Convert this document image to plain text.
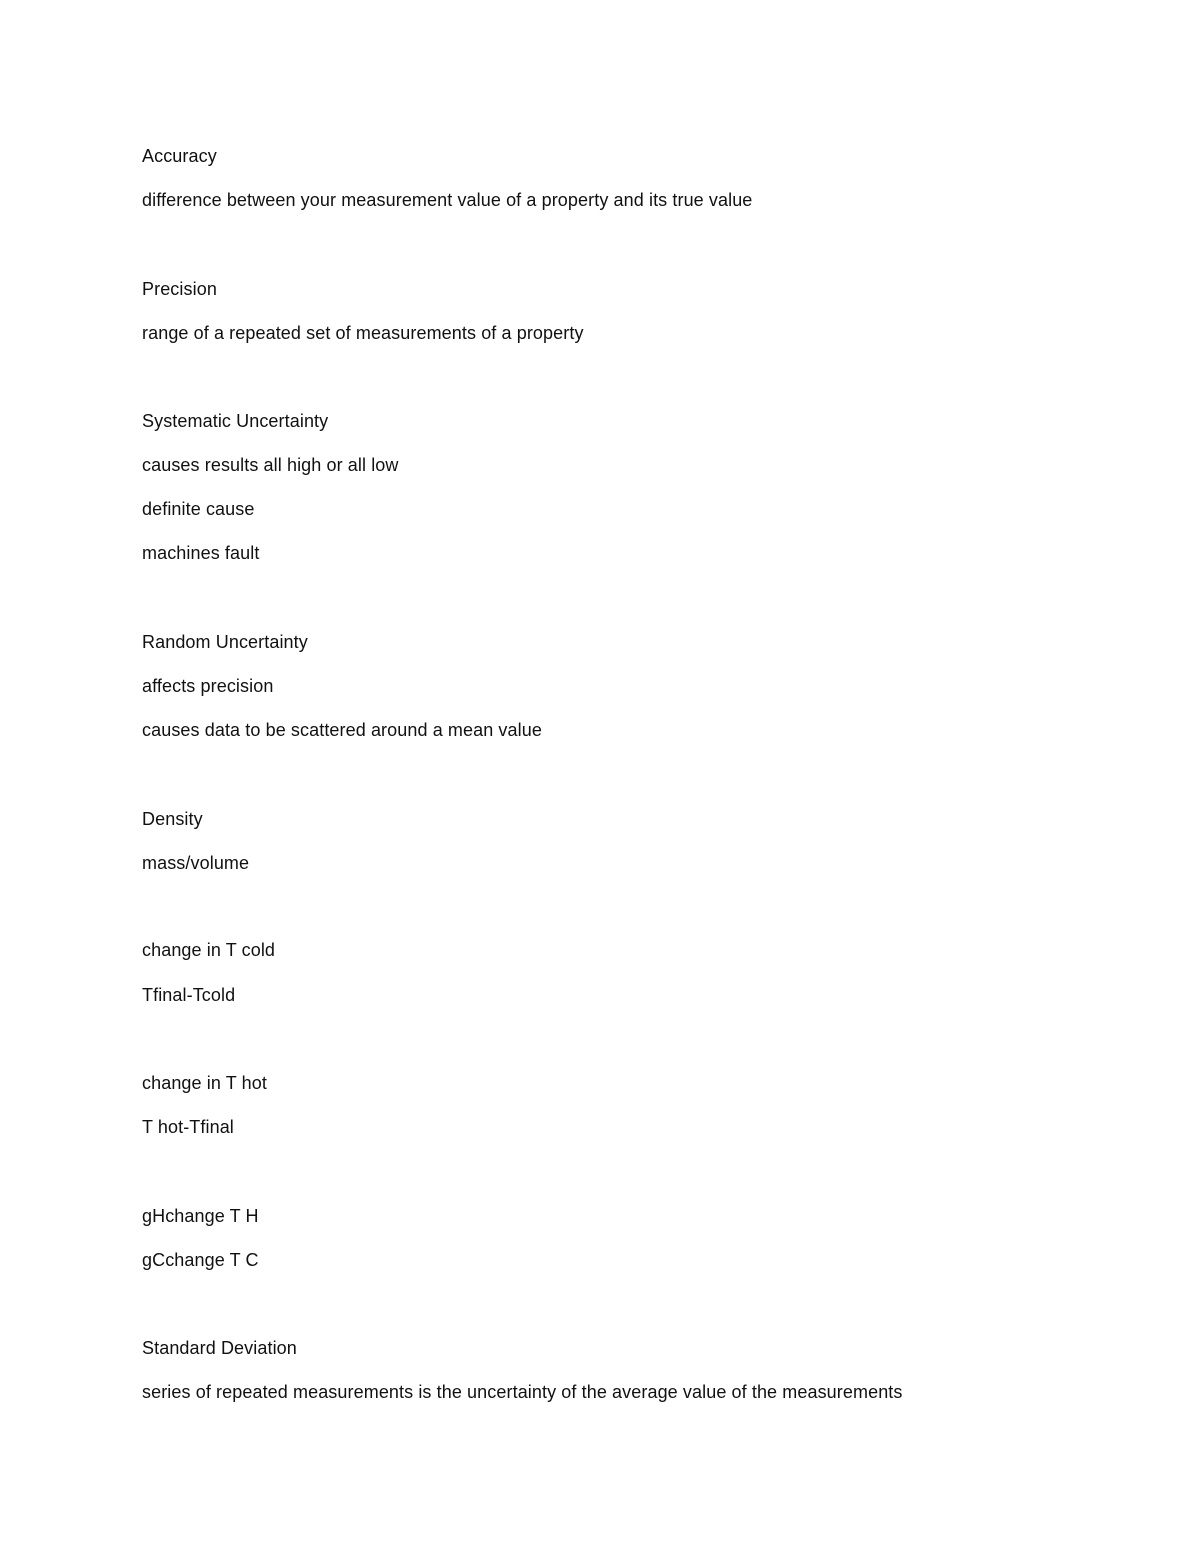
Accuracy
difference between your measurement value of a property and its true value
Precision
range of a repeated set of measurements of a property
Systematic Uncertainty
causes results all high or all low
definite cause
machines fault
Random Uncertainty
affects precision
causes data to be scattered around a mean value
Density
mass/volume
change in T cold
Tfinal-Tcold
change in T hot
T hot-Tfinal
gHchange T H
gCchange T C
Standard Deviation
series of repeated measurements is the uncertainty of the average value of the measurements
